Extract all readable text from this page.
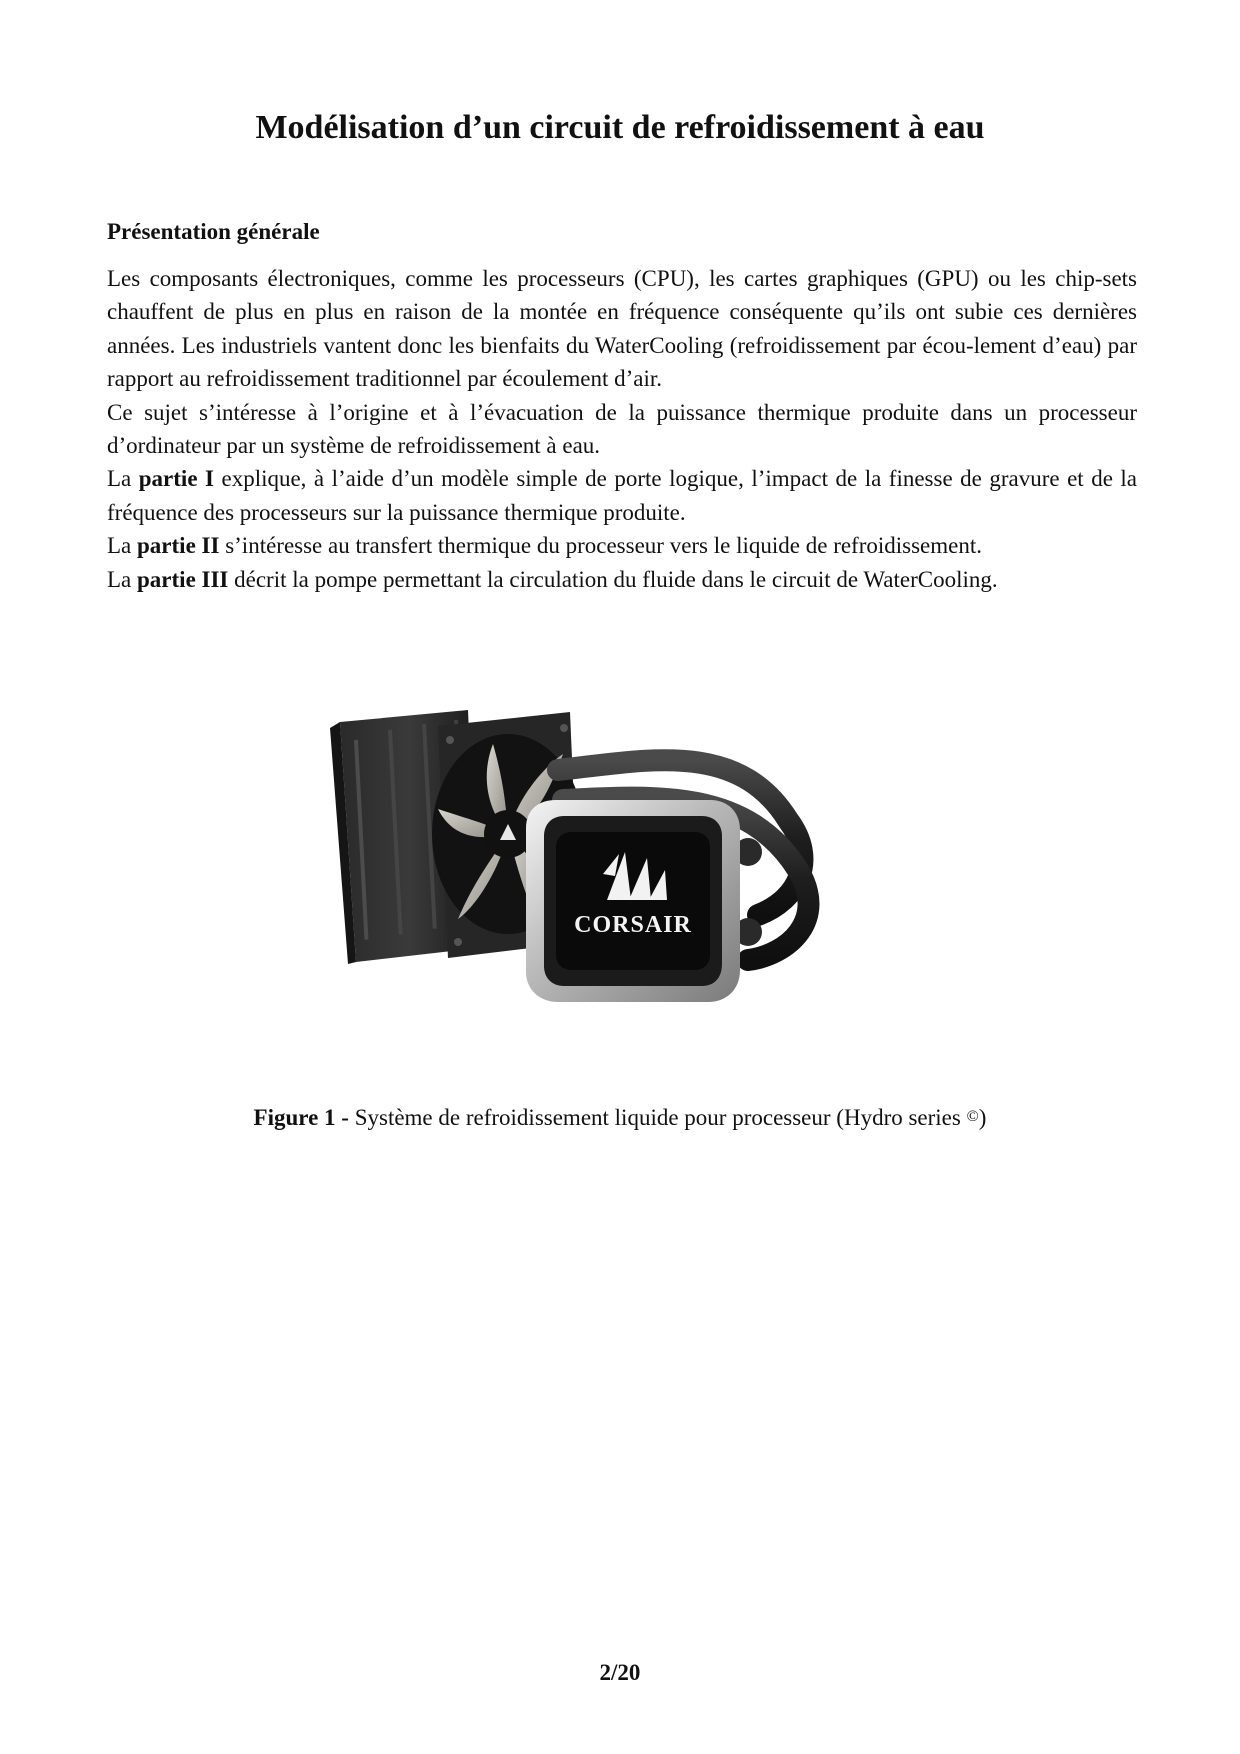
Modélisation d’un circuit de refroidissement à eau
Présentation générale

Les composants électroniques, comme les processeurs (CPU), les cartes graphiques (GPU) ou les chip-sets chauffent de plus en plus en raison de la montée en fréquence conséquente qu’ils ont subie ces dernières années. Les industriels vantent donc les bienfaits du WaterCooling (refroidissement par écou-lement d’eau) par rapport au refroidissement traditionnel par écoulement d’air.

Ce sujet s’intéresse à l’origine et à l’évacuation de la puissance thermique produite dans un processeur d’ordinateur par un système de refroidissement à eau.

La partie I explique, à l’aide d’un modèle simple de porte logique, l’impact de la finesse de gravure et de la fréquence des processeurs sur la puissance thermique produite.

La partie II s’intéresse au transfert thermique du processeur vers le liquide de refroidissement.

La partie III décrit la pompe permettant la circulation du fluide dans le circuit de WaterCooling.

CORSAIR

Figure 1 - Système de refroidissement liquide pour processeur (Hydro series ©)

2/20
